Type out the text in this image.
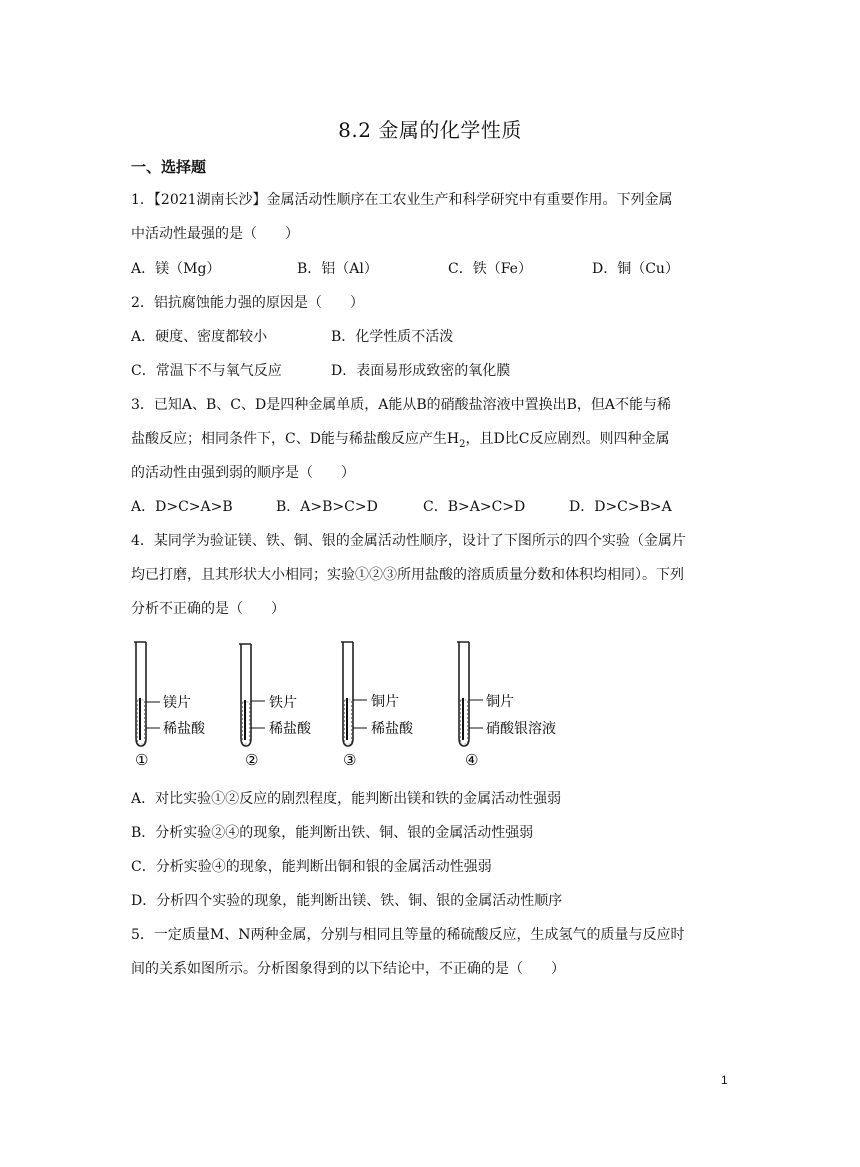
8.2 金属的化学性质
一、选择题
1．【2021湖南长沙】金属活动性顺序在工农业生产和科学研究中有重要作用。下列金属
中活动性最强的是（　　）
A．镁（Mg）	B．铝（Al）	C．铁（Fe）	D．铜（Cu）
2．铝抗腐蚀能力强的原因是（　　）
A．硬度、密度都较小	B．化学性质不活泼
C．常温下不与氧气反应	D．表面易形成致密的氧化膜
3．已知A、B、C、D是四种金属单质，A能从B的硝酸盐溶液中置换出B，但A不能与稀
盐酸反应；相同条件下，C、D能与稀盐酸反应产生$H_2$，且D比C反应剧烈。则四种金属
的活动性由强到弱的顺序是（　　）
A．D>C>A>B	B．A>B>C>D	C．B>A>C>D	D．D>C>B>A
4．某同学为验证镁、铁、铜、银的金属活动性顺序，设计了下图所示的四个实验（金属片
均已打磨，且其形状大小相同；实验①②③所用盐酸的溶质质量分数和体积均相同）。下列
分析不正确的是（　　）
镁片
稀盐酸
①
铁片
稀盐酸
②
铜片
稀盐酸
③
铜片
硝酸银溶液
④
A．对比实验①②反应的剧烈程度，能判断出镁和铁的金属活动性强弱
B．分析实验②④的现象，能判断出铁、铜、银的金属活动性强弱
C．分析实验④的现象，能判断出铜和银的金属活动性强弱
D．分析四个实验的现象，能判断出镁、铁、铜、银的金属活动性顺序
5．一定质量M、N两种金属，分别与相同且等量的稀硫酸反应，生成氢气的质量与反应时
间的关系如图所示。分析图象得到的以下结论中，不正确的是（　　）
1
